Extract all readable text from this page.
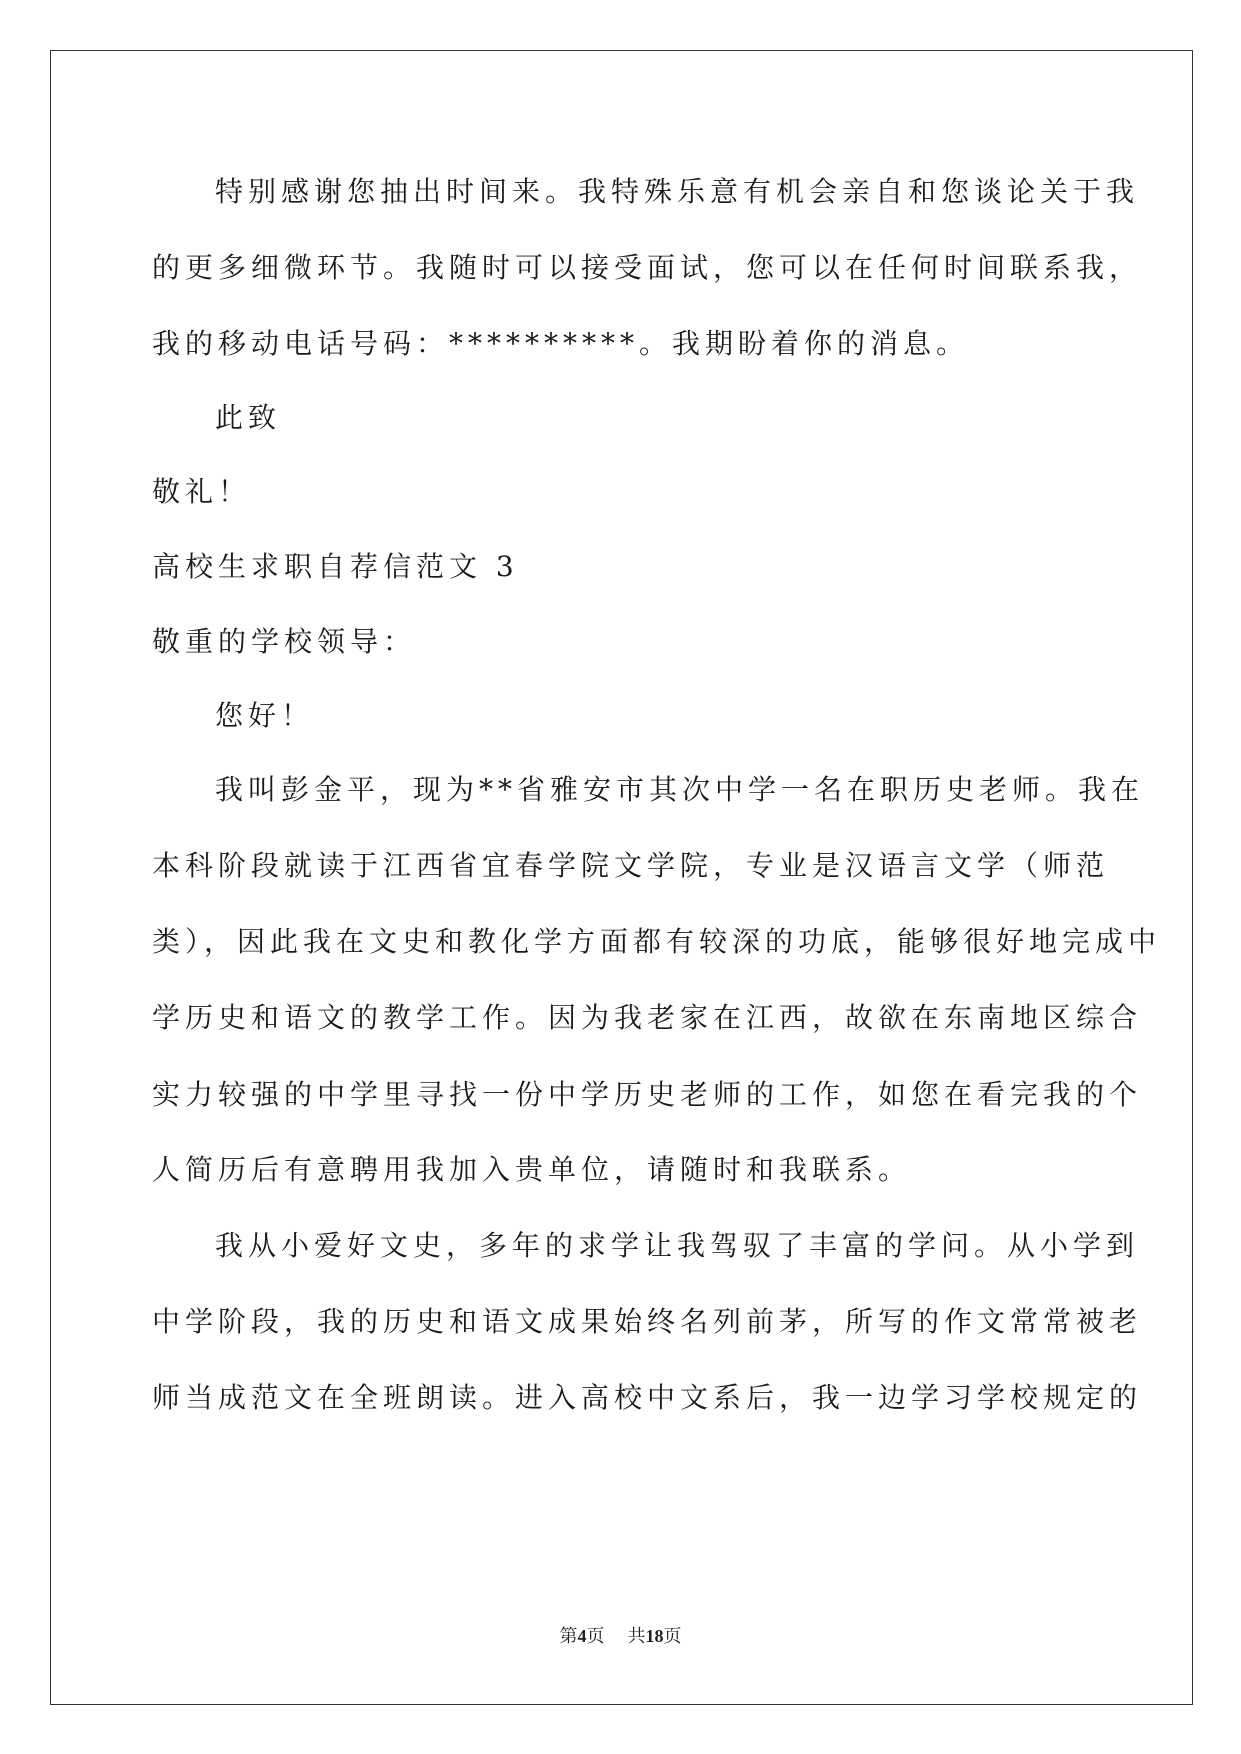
特别感谢您抽出时间来。我特殊乐意有机会亲自和您谈论关于我
的更多细微环节。我随时可以接受面试，您可以在任何时间联系我，
我的移动电话号码：**********。我期盼着你的消息。
此致
敬礼！
高校生求职自荐信范文 3
敬重的学校领导：
您好！
我叫彭金平，现为**省雅安市其次中学一名在职历史老师。我在
本科阶段就读于江西省宜春学院文学院，专业是汉语言文学（师范
类），因此我在文史和教化学方面都有较深的功底，能够很好地完成中
学历史和语文的教学工作。因为我老家在江西，故欲在东南地区综合
实力较强的中学里寻找一份中学历史老师的工作，如您在看完我的个
人简历后有意聘用我加入贵单位，请随时和我联系。
我从小爱好文史，多年的求学让我驾驭了丰富的学问。从小学到
中学阶段，我的历史和语文成果始终名列前茅，所写的作文常常被老
师当成范文在全班朗读。进入高校中文系后，我一边学习学校规定的
第4页 共18页
